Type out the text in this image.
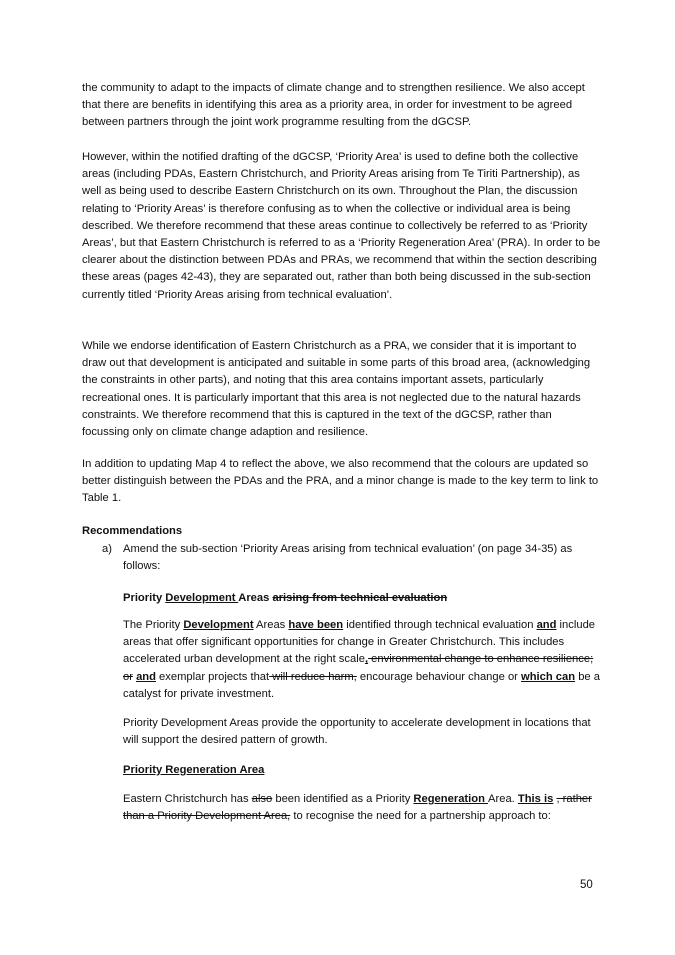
the community to adapt to the impacts of climate change and to strengthen resilience. We also accept that there are benefits in identifying this area as a priority area, in order for investment to be agreed between partners through the joint work programme resulting from the dGCSP.

However, within the notified drafting of the dGCSP, ‘Priority Area’ is used to define both the collective areas (including PDAs, Eastern Christchurch, and Priority Areas arising from Te Tiriti Partnership), as well as being used to describe Eastern Christchurch on its own. Throughout the Plan, the discussion relating to ‘Priority Areas’ is therefore confusing as to when the collective or individual area is being described. We therefore recommend that these areas continue to collectively be referred to as ‘Priority Areas’, but that Eastern Christchurch is referred to as a ‘Priority Regeneration Area’ (PRA). In order to be clearer about the distinction between PDAs and PRAs, we recommend that within the section describing these areas (pages 42-43), they are separated out, rather than both being discussed in the sub-section currently titled ‘Priority Areas arising from technical evaluation’.

While we endorse identification of Eastern Christchurch as a PRA, we consider that it is important to draw out that development is anticipated and suitable in some parts of this broad area, (acknowledging the constraints in other parts), and noting that this area contains important assets, particularly recreational ones. It is particularly important that this area is not neglected due to the natural hazards constraints. We therefore recommend that this is captured in the text of the dGCSP, rather than focussing only on climate change adaption and resilience.

In addition to updating Map 4 to reflect the above, we also recommend that the colours are updated so better distinguish between the PDAs and the PRA, and a minor change is made to the key term to link to Table 1.

Recommendations

a) Amend the sub-section ‘Priority Areas arising from technical evaluation’ (on page 34-35) as follows:

Priority Development Areas arising from technical evaluation

The Priority Development Areas have been identified through technical evaluation and include areas that offer significant opportunities for change in Greater Christchurch. This includes accelerated urban development at the right scale, environmental change to enhance resilience; or and exemplar projects that will reduce harm, encourage behaviour change or which can be a catalyst for private investment.

Priority Development Areas provide the opportunity to accelerate development in locations that will support the desired pattern of growth.

Priority Regeneration Area

Eastern Christchurch has also been identified as a Priority Regeneration Area. This is , rather than a Priority Development Area, to recognise the need for a partnership approach to:

50
